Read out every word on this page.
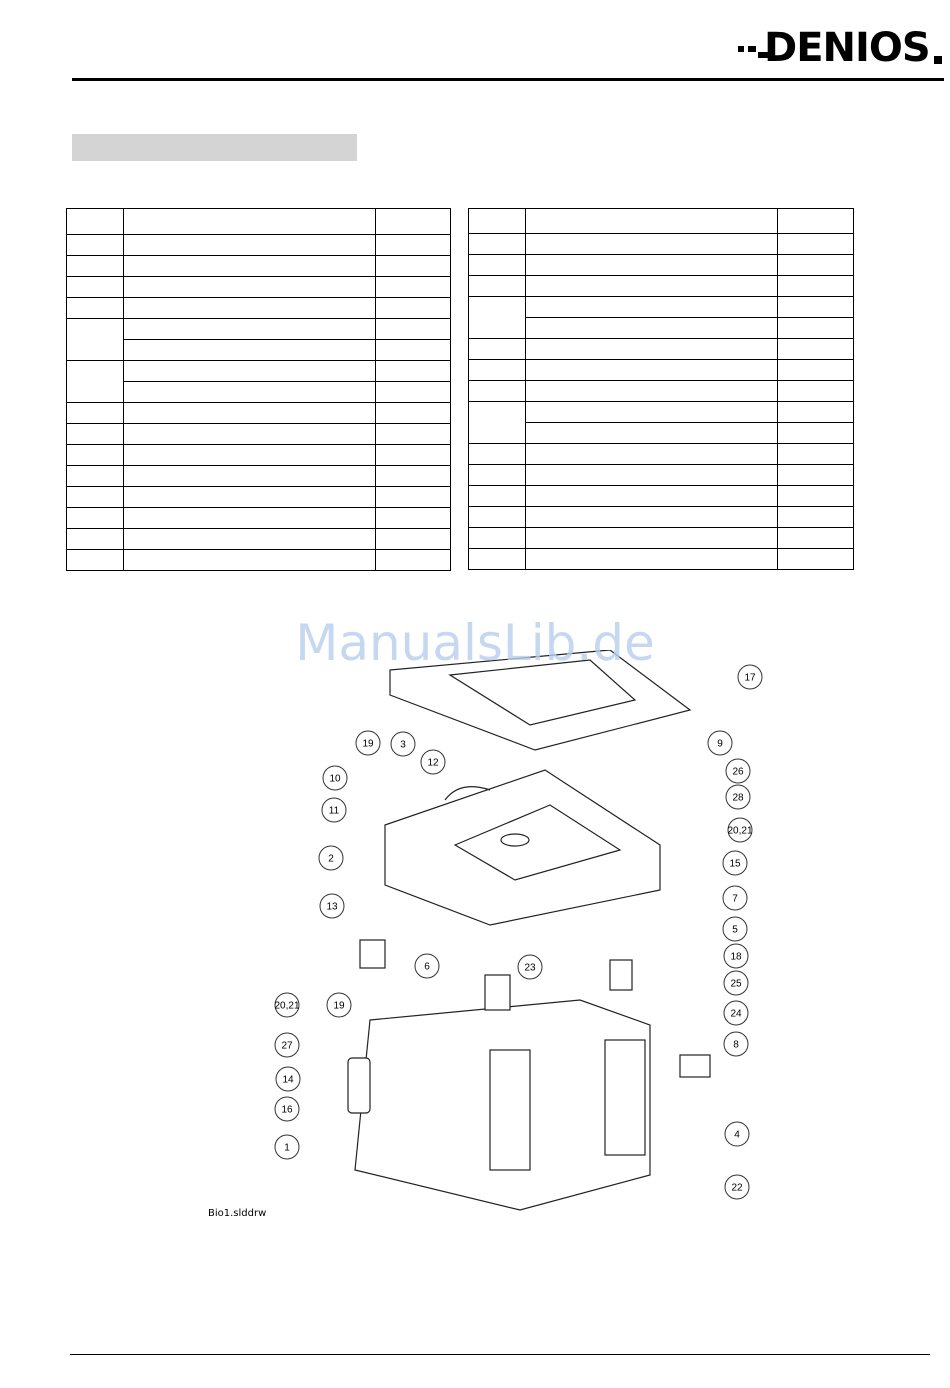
DENIOS

17
9
26
28
20,21
19	3
12
10
11
2	15
7
5
18
25
24
8
13
6	23
20,21	19
27
14
16
1
4
22
Bio1.slddrw
ManualsLib.de
